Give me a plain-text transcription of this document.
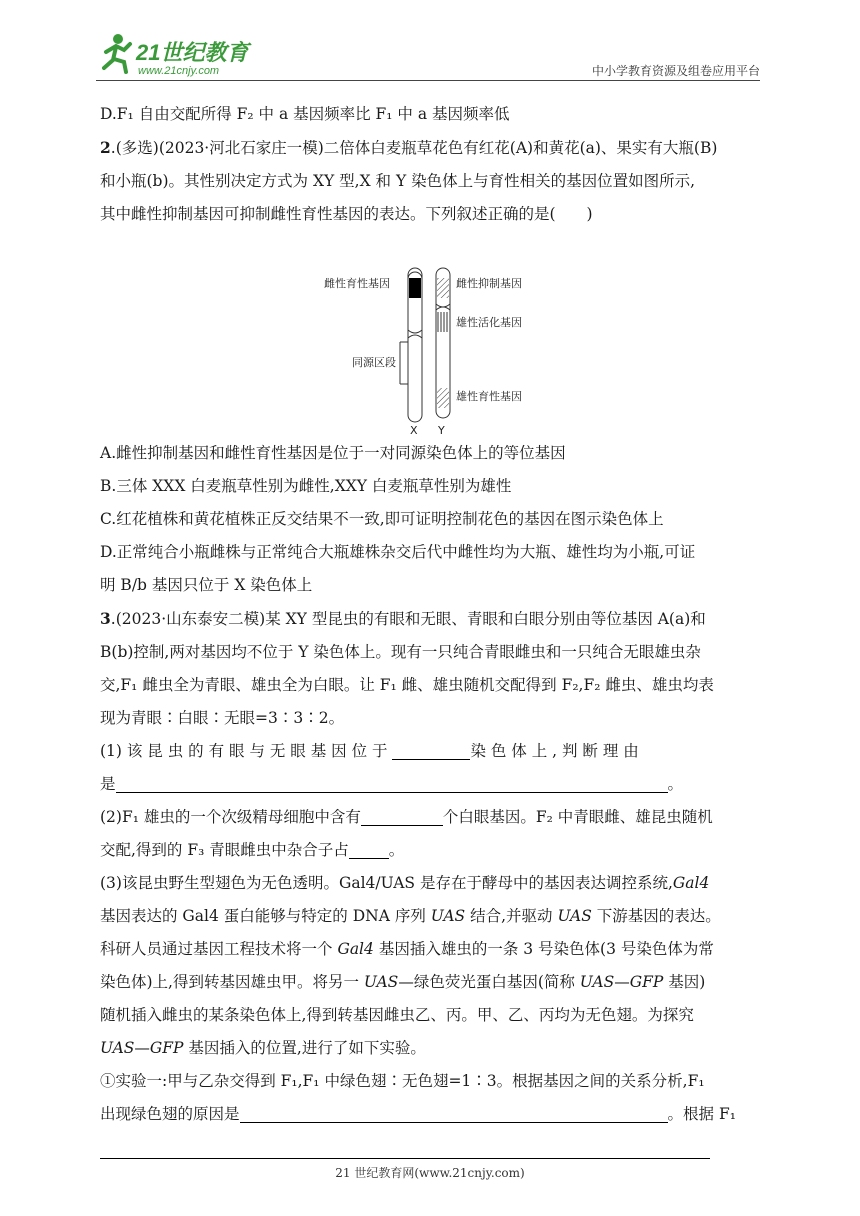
21世纪教育
www.21cnjy.com	中小学教育资源及组卷应用平台

D.F₁ 自由交配所得 F₂ 中 a 基因频率比 F₁ 中 a 基因频率低

2.(多选)(2023·河北石家庄一模)二倍体白麦瓶草花色有红花(A)和黄花(a)、果实有大瓶(B)

和小瓶(b)。其性别决定方式为 XY 型,X 和 Y 染色体上与育性相关的基因位置如图所示,

其中雌性抑制基因可抑制雌性育性基因的表达。下列叙述正确的是(　　)

雌性育性基因	雌性抑制基因
雄性活化基因
同源区段
雄性育性基因
X Y

A.雌性抑制基因和雌性育性基因是位于一对同源染色体上的等位基因

B.三体 XXX 白麦瓶草性别为雌性,XXY 白麦瓶草性别为雄性

C.红花植株和黄花植株正反交结果不一致,即可证明控制花色的基因在图示染色体上

D.正常纯合小瓶雌株与正常纯合大瓶雄株杂交后代中雌性均为大瓶、雄性均为小瓶,可证

明 B/b 基因只位于 X 染色体上

3.(2023·山东泰安二模)某 XY 型昆虫的有眼和无眼、青眼和白眼分别由等位基因 A(a)和

B(b)控制,两对基因均不位于 Y 染色体上。现有一只纯合青眼雌虫和一只纯合无眼雄虫杂

交,F₁ 雌虫全为青眼、雄虫全为白眼。让 F₁ 雌、雄虫随机交配得到 F₂,F₂ 雌虫、雄虫均表

现为青眼∶白眼∶无眼=3∶3∶2。

(1) 该 昆 虫 的 有 眼 与 无 眼 基 因 位 于	染 色 体 上 , 判 断 理 由

是	。

(2)F₁ 雄虫的一个次级精母细胞中含有	个白眼基因。F₂ 中青眼雌、雄昆虫随机

交配,得到的 F₃ 青眼雌虫中杂合子占	。

(3)该昆虫野生型翅色为无色透明。Gal4/UAS 是存在于酵母中的基因表达调控系统,Gal4

基因表达的 Gal4 蛋白能够与特定的 DNA 序列 UAS 结合,并驱动 UAS 下游基因的表达。

科研人员通过基因工程技术将一个 Gal4 基因插入雄虫的一条 3 号染色体(3 号染色体为常

染色体)上,得到转基因雄虫甲。将另一 UAS—绿色荧光蛋白基因(简称 UAS—GFP 基因)

随机插入雌虫的某条染色体上,得到转基因雌虫乙、丙。甲、乙、丙均为无色翅。为探究

UAS—GFP 基因插入的位置,进行了如下实验。

①实验一:甲与乙杂交得到 F₁,F₁ 中绿色翅∶无色翅=1∶3。根据基因之间的关系分析,F₁

出现绿色翅的原因是	。根据 F₁

21 世纪教育网(www.21cnjy.com)
